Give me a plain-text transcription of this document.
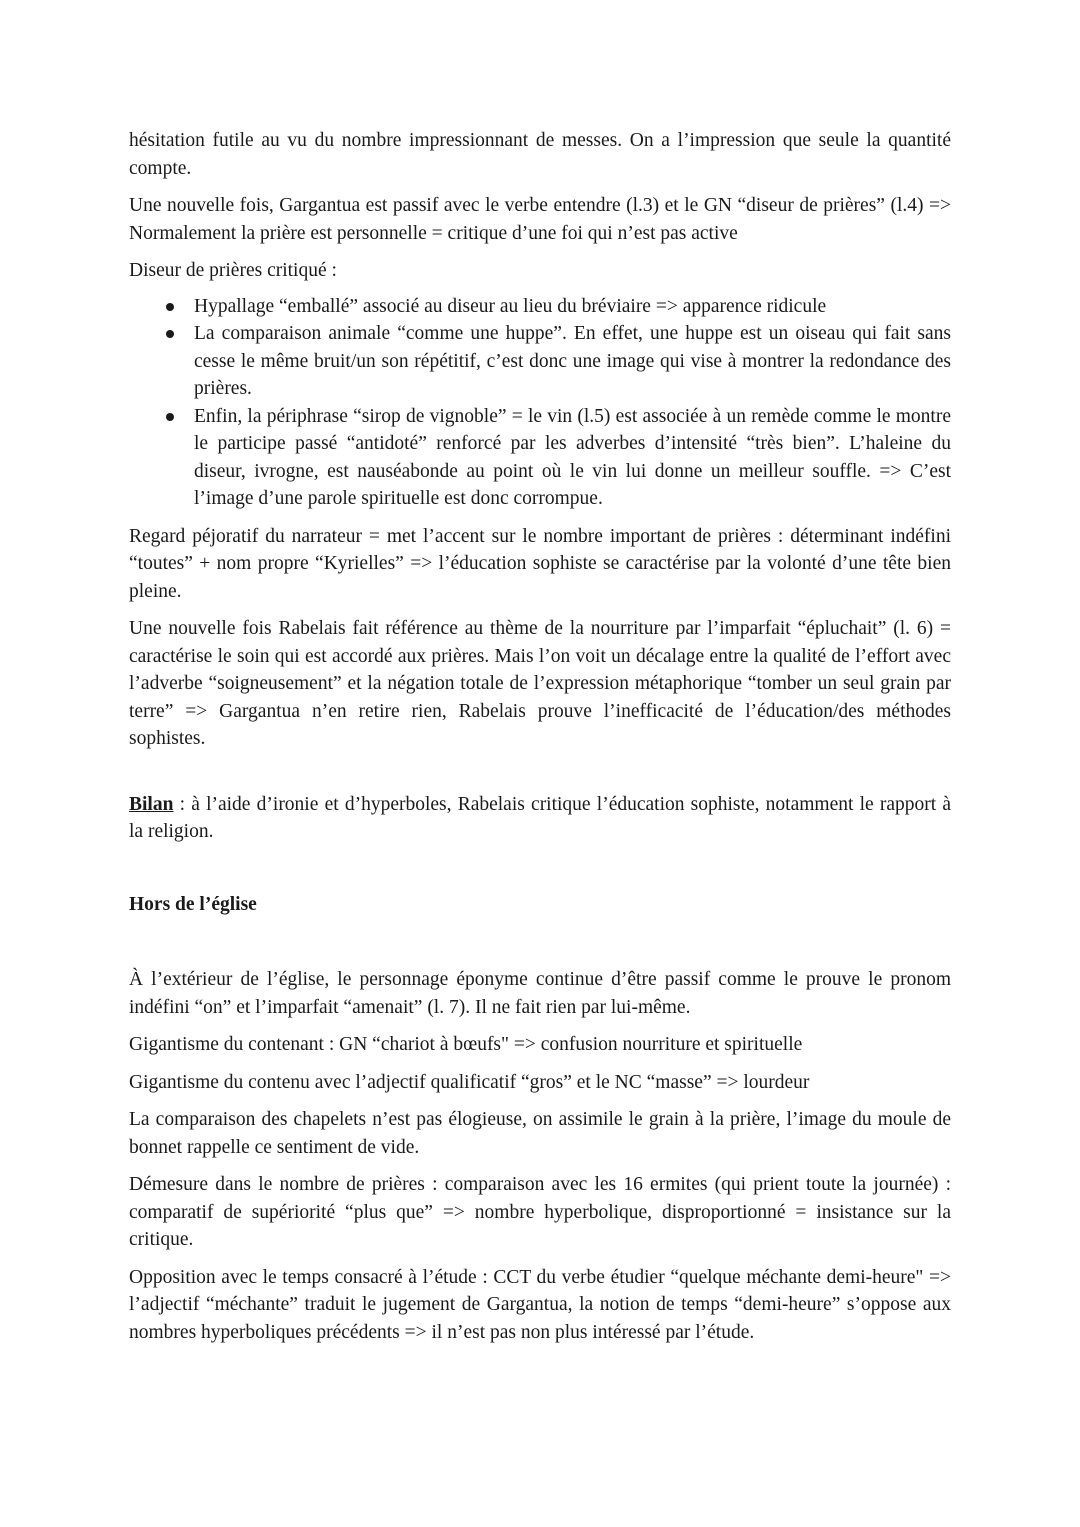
hésitation futile au vu du nombre impressionnant de messes. On a l’impression que seule la quantité compte.

Une nouvelle fois, Gargantua est passif avec le verbe entendre (l.3) et le GN “diseur de prières” (l.4) => Normalement la prière est personnelle = critique d’une foi qui n’est pas active

Diseur de prières critiqué :

Hypallage “emballé” associé au diseur au lieu du bréviaire => apparence ridicule
La comparaison animale “comme une huppe”. En effet, une huppe est un oiseau qui fait sans cesse le même bruit/un son répétitif, c’est donc une image qui vise à montrer la redondance des prières.
Enfin, la périphrase “sirop de vignoble” = le vin (l.5) est associée à un remède comme le montre le participe passé “antidoté” renforcé par les adverbes d’intensité “très bien”. L’haleine du diseur, ivrogne, est nauséabonde au point où le vin lui donne un meilleur souffle. => C’est l’image d’une parole spirituelle est donc corrompue.

Regard péjoratif du narrateur = met l’accent sur le nombre important de prières : déterminant indéfini “toutes” + nom propre “Kyrielles” => l’éducation sophiste se caractérise par la volonté d’une tête bien pleine.

Une nouvelle fois Rabelais fait référence au thème de la nourriture par l’imparfait “épluchait” (l. 6) = caractérise le soin qui est accordé aux prières. Mais l’on voit un décalage entre la qualité de l’effort avec l’adverbe “soigneusement” et la négation totale de l’expression métaphorique “tomber un seul grain par terre” => Gargantua n’en retire rien, Rabelais prouve l’inefficacité de l’éducation/des méthodes sophistes.

Bilan : à l’aide d’ironie et d’hyperboles, Rabelais critique l’éducation sophiste, notamment le rapport à la religion.

Hors de l’église

À l’extérieur de l’église, le personnage éponyme continue d’être passif comme le prouve le pronom indéfini “on” et l’imparfait “amenait” (l. 7). Il ne fait rien par lui-même.

Gigantisme du contenant : GN “chariot à bœufs" => confusion nourriture et spirituelle

Gigantisme du contenu avec l’adjectif qualificatif “gros” et le NC “masse” => lourdeur

La comparaison des chapelets n’est pas élogieuse, on assimile le grain à la prière, l’image du moule de bonnet rappelle ce sentiment de vide.

Démesure dans le nombre de prières : comparaison avec les 16 ermites (qui prient toute la journée) : comparatif de supériorité “plus que” => nombre hyperbolique, disproportionné = insistance sur la critique.

Opposition avec le temps consacré à l’étude : CCT du verbe étudier “quelque méchante demi-heure" => l’adjectif “méchante” traduit le jugement de Gargantua, la notion de temps “demi-heure” s’oppose aux nombres hyperboliques précédents => il n’est pas non plus intéressé par l’étude.
